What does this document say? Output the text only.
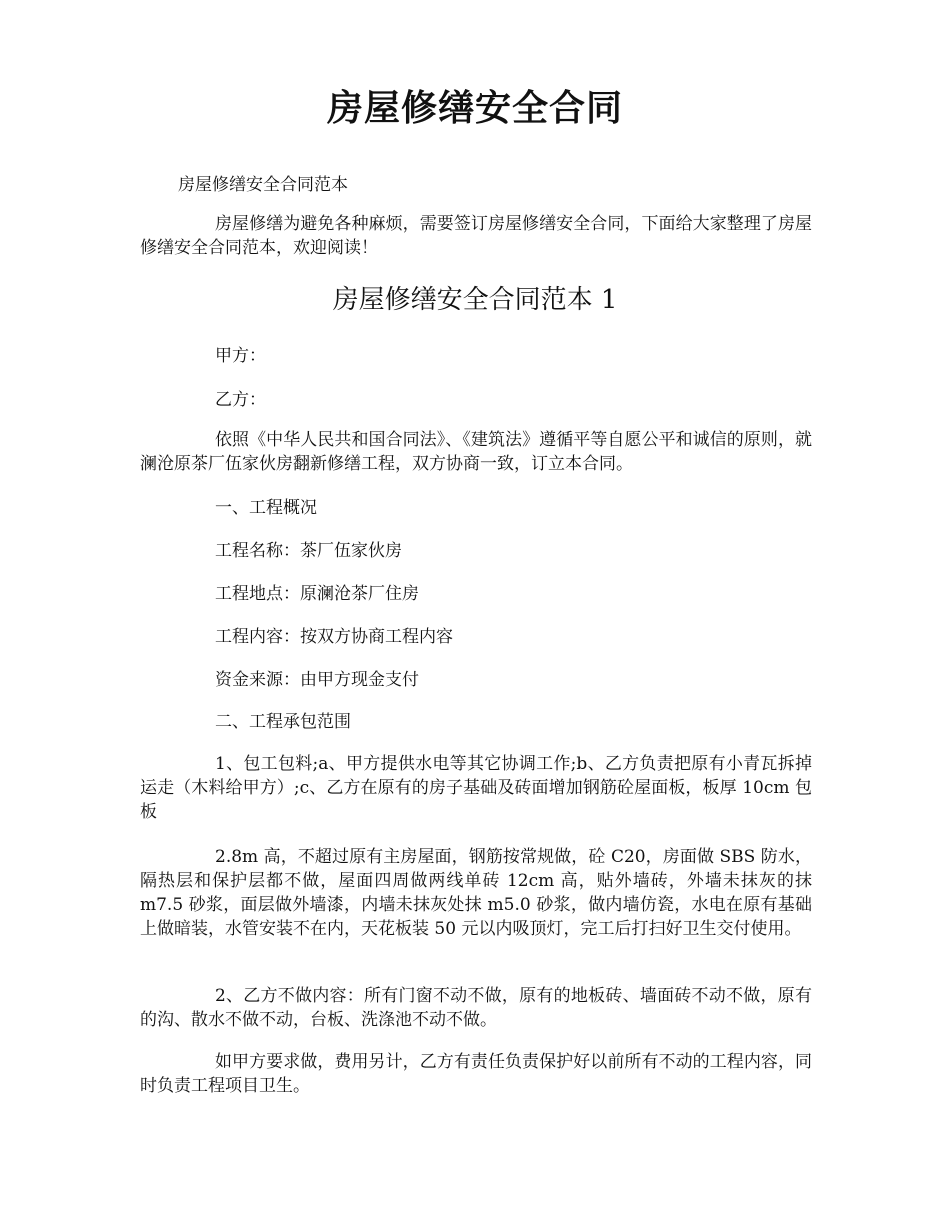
房屋修缮安全合同

房屋修缮安全合同范本

房屋修缮为避免各种麻烦，需要签订房屋修缮安全合同，下面给大家整理了房屋修缮安全合同范本，欢迎阅读！

房屋修缮安全合同范本 1

甲方：

乙方：

依照《中华人民共和国合同法》、《建筑法》遵循平等自愿公平和诚信的原则，就澜沧原茶厂伍家伙房翻新修缮工程，双方协商一致，订立本合同。

一、工程概况

工程名称：茶厂伍家伙房

工程地点：原澜沧茶厂住房

工程内容：按双方协商工程内容

资金来源：由甲方现金支付

二、工程承包范围

1、包工包料;a、甲方提供水电等其它协调工作;b、乙方负责把原有小青瓦拆掉运走（木料给甲方）;c、乙方在原有的房子基础及砖面增加钢筋砼屋面板，板厚 10cm 包板

2.8m 高，不超过原有主房屋面，钢筋按常规做，砼 C20，房面做 SBS 防水，隔热层和保护层都不做，屋面四周做两线单砖 12cm 高，贴外墙砖，外墙未抹灰的抹 m7.5 砂浆，面层做外墙漆，内墙未抹灰处抹 m5.0 砂浆，做内墙仿瓷，水电在原有基础上做暗装，水管安装不在内，天花板装 50 元以内吸顶灯，完工后打扫好卫生交付使用。

2、乙方不做内容：所有门窗不动不做，原有的地板砖、墙面砖不动不做，原有的沟、散水不做不动，台板、洗涤池不动不做。

如甲方要求做，费用另计，乙方有责任负责保护好以前所有不动的工程内容，同时负责工程项目卫生。
